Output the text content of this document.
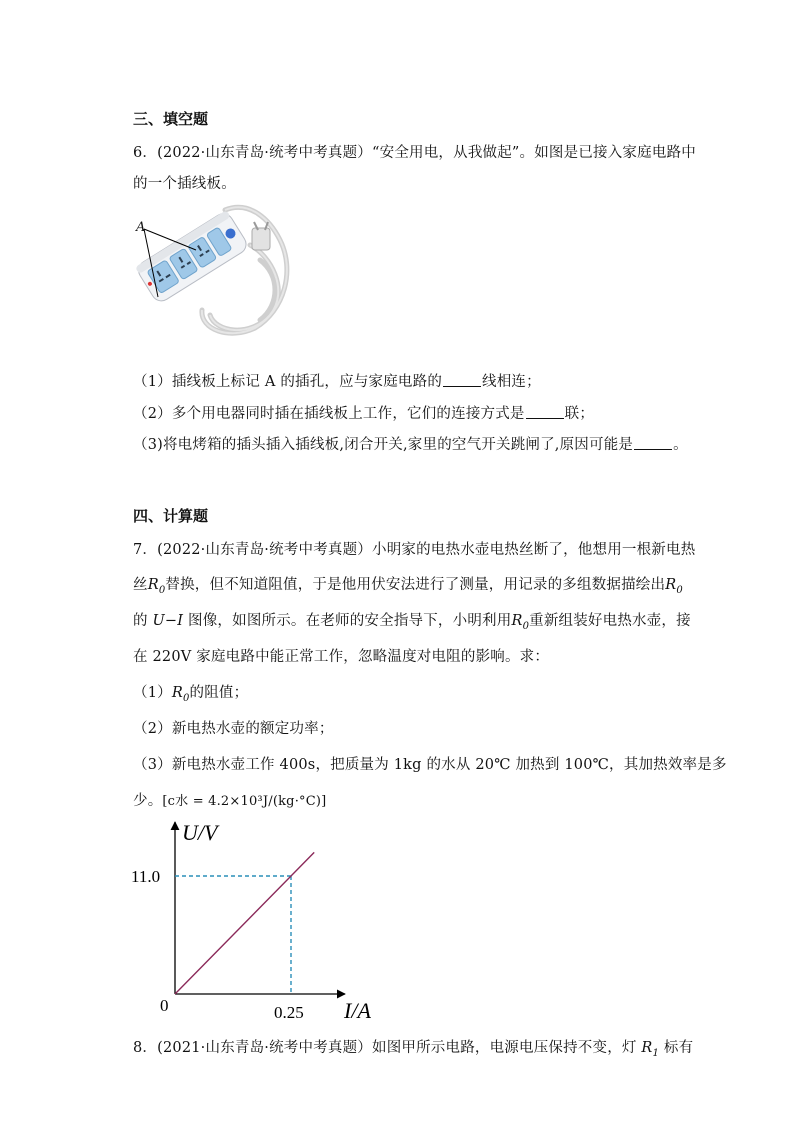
三、填空题
6．(2022·山东青岛·统考中考真题）“安全用电，从我做起”。如图是已接入家庭电路中
的一个插线板。
A
（1）插线板上标记 A 的插孔，应与家庭电路的	线相连；
（2）多个用电器同时插在插线板上工作，它们的连接方式是	联；
（3)将电烤箱的插头插入插线板,闭合开关,家里的空气开关跳闸了,原因可能是	。
四、计算题
7．(2022·山东青岛·统考中考真题）小明家的电热水壶电热丝断了，他想用一根新电热
丝$R_0$替换，但不知道阻值，于是他用伏安法进行了测量，用记录的多组数据描绘出$R_0$
的 U−I 图像，如图所示。在老师的安全指导下，小明利用$R_0$重新组装好电热水壶，接
在 220V 家庭电路中能正常工作，忽略温度对电阻的影响。求：
$(1)R_0$的阻值；
（2）新电热水壶的额定功率；
（3）新电热水壶工作 400s，把质量为 1kg 的水从 20℃ 加热到 100℃，其加热效率是多
少。[c水 = 4.2×10³J/(kg·°C)]
U/V
I/A
0
11.0
0.25
8．(2021·山东青岛·统考中考真题）如图甲所示电路，电源电压保持不变，灯 $R_1$ 标有
